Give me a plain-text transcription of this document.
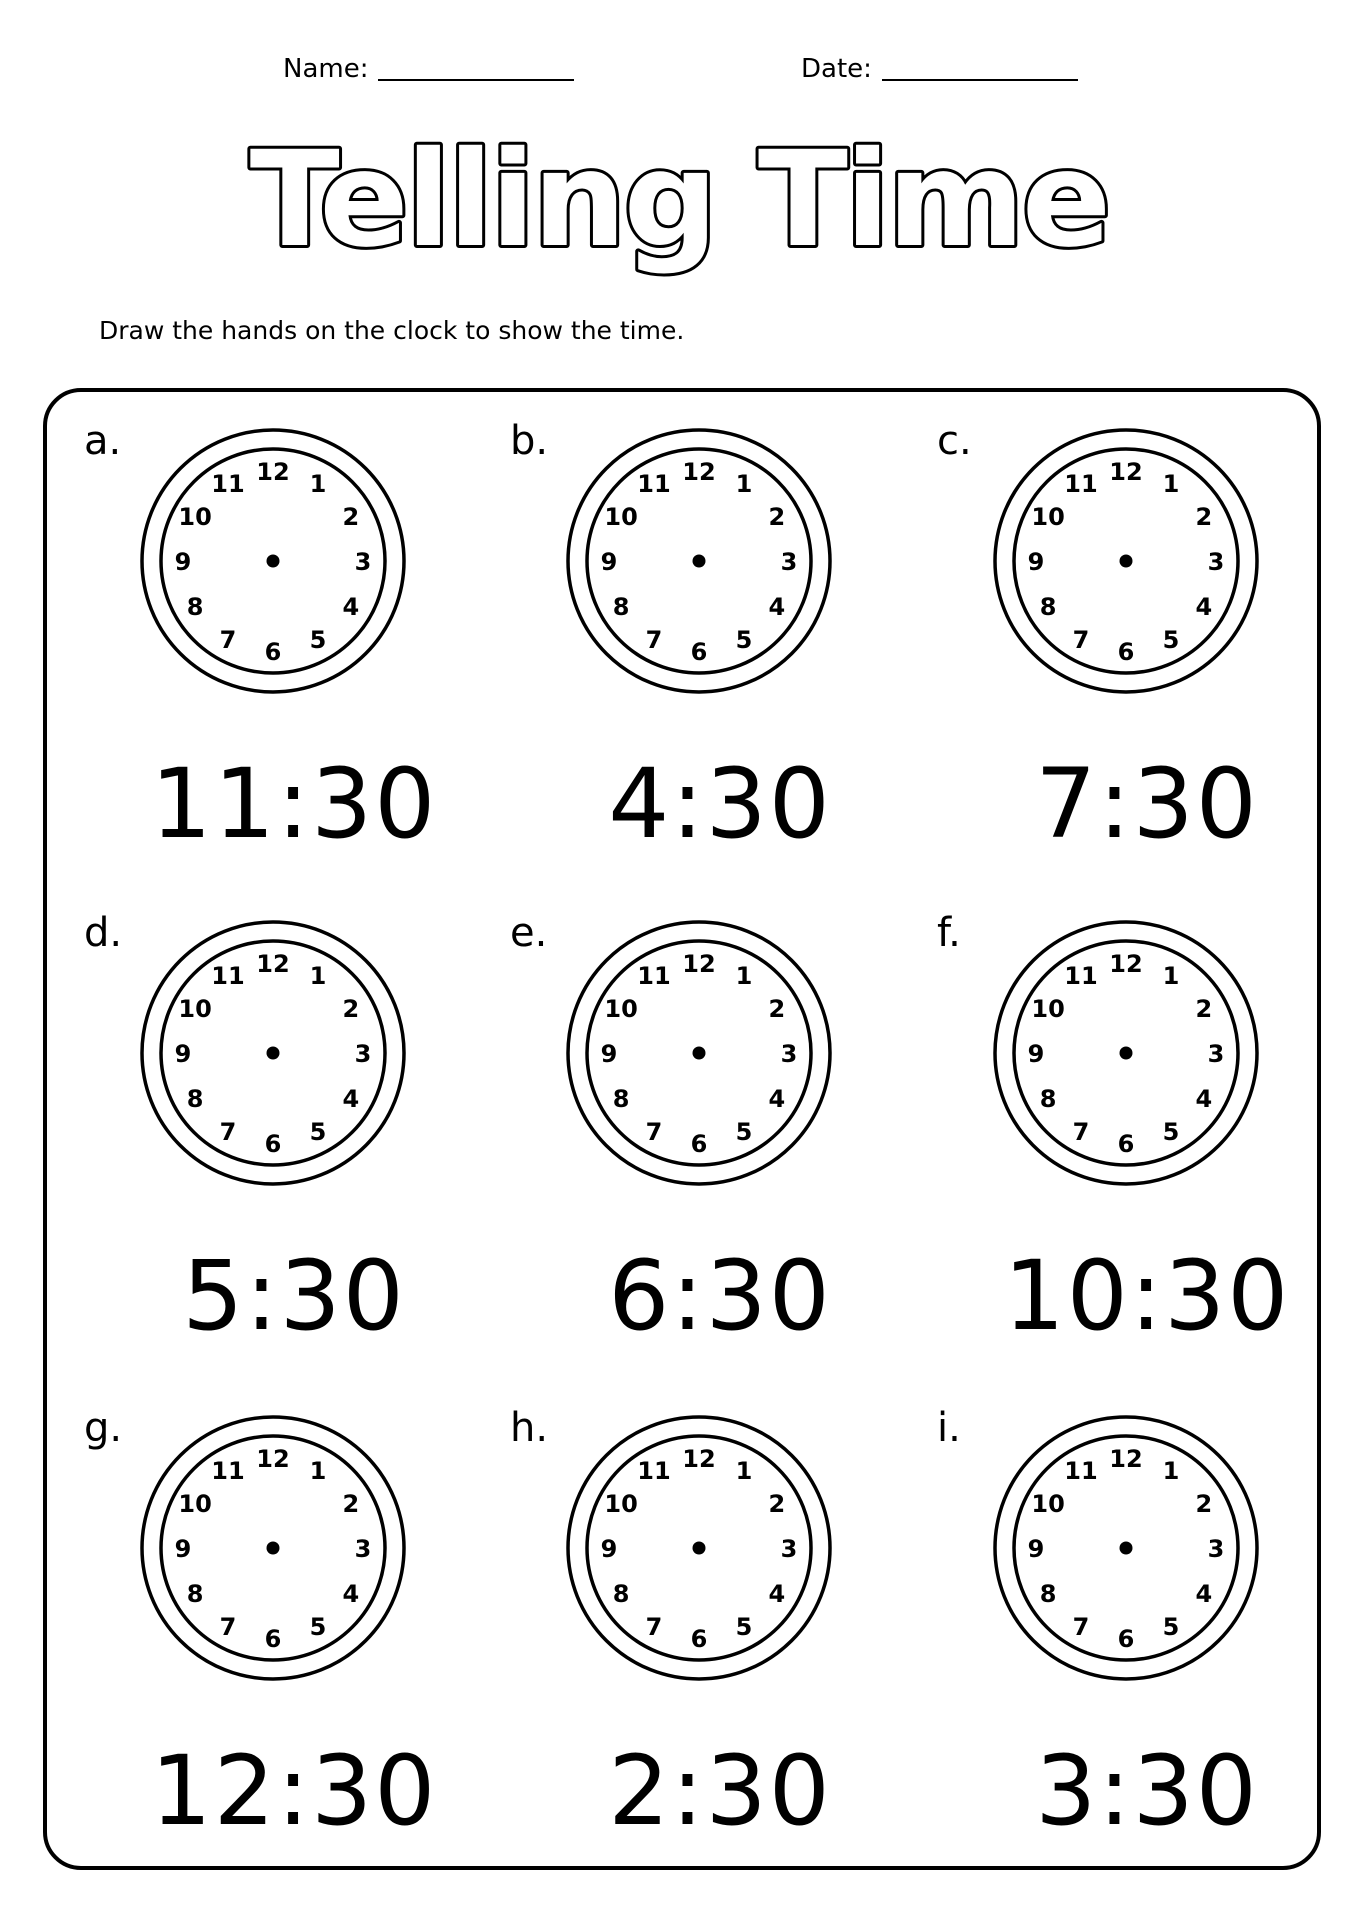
Name:	Date:
Telling Time
Draw the hands on the clock to show the time.
a.
12 1
2
3
4
5
6
7
8
9
10
11
11:30
b.
12 1
2
3
4
5
6
7
8
9
10
11
4:30
c.
12 1
2
3
4
5
6
7
8
9
10
11
7:30
d.
12 1
2
3
4
5
6
7
8
9
10
11
5:30
e.
12 1
2
3
4
5
6
7
8
9
10
11
6:30
f.
12 1
2
3
4
5
6
7
8
9
10
11
10:30
g.
12 1
2
3
4
5
6
7
8
9
10
11
12:30
h.
12 1
2
3
4
5
6
7
8
9
10
11
2:30
i.
12 1
2
3
4
5
6
7
8
9
10
11
3:30
